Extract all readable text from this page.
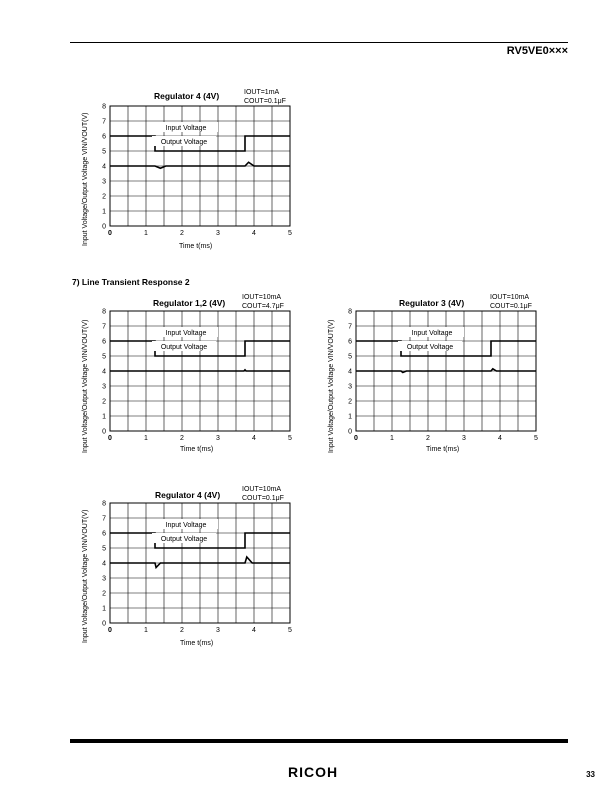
RV5VE0×××
7) Line Transient Response 2
Regulator 4 (4V)	IOUT=1mA
COUT=0.1μF
Input Voltage/Output Voltage VIN/VOUT(V)
Time t(ms)
0
1
2
3
4
5
6
7
8
0	1	2	3	4	5
Input Voltage
Output Voltage
Regulator 1,2 (4V)
IOUT=10mA
COUT=4.7μF
Input Voltage/Output Voltage VIN/VOUT(V)	Time t(ms)
0
1
2
3
4
5
6
7
8
0	1	2	3	4	5
Input Voltage
Output Voltage
Regulator 3 (4V)
IOUT=10mA
COUT=0.1μF
Input Voltage/Output Voltage VIN/VOUT(V)	Time t(ms)
0
1
2
3
4
5
6
7
8
0	1	2	3	4	5
Input Voltage
Output Voltage
Regulator 4 (4V)
IOUT=10mA
COUT=0.1μF
Input Voltage/Output Voltage VIN/VOUT(V)
Time t(ms)
0
1
2
3
4
5
6
7
8
0	1	2	3	4	5
Input Voltage
Output Voltage
RICOH	33
